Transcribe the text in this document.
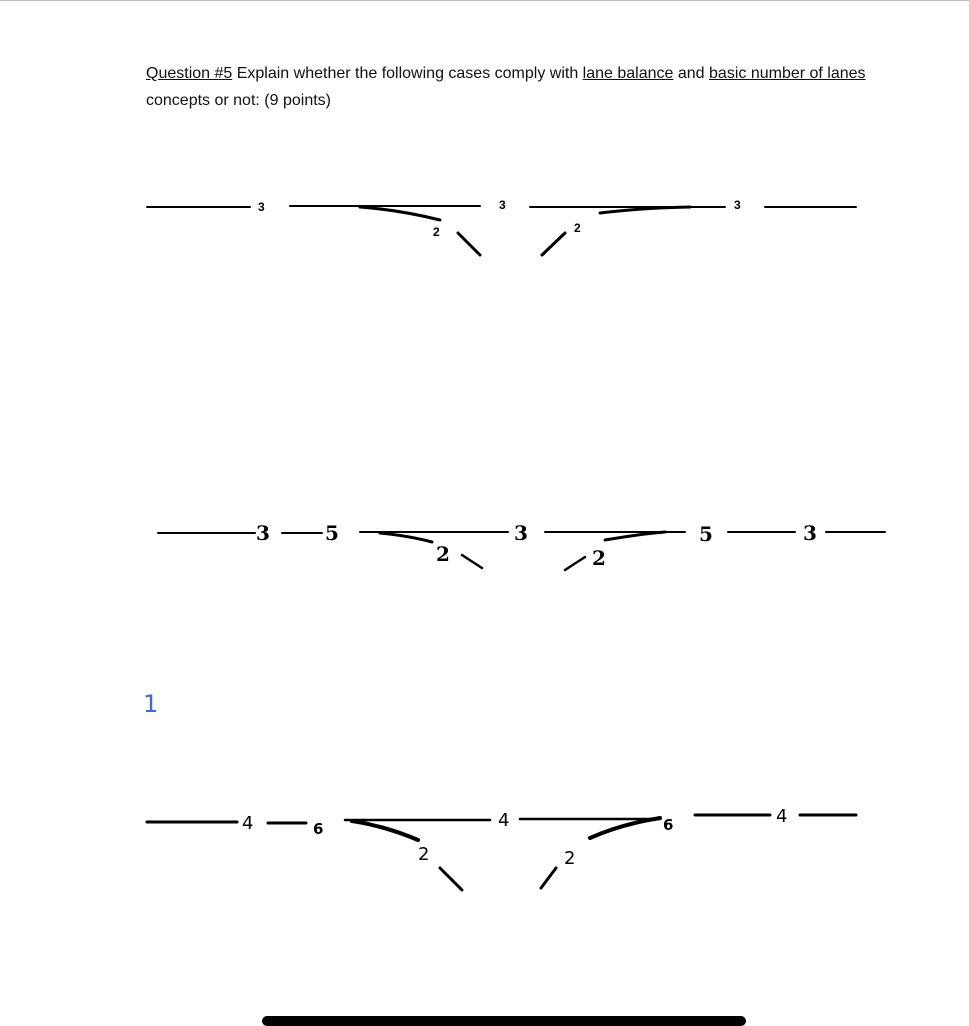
Question #5 Explain whether the following cases comply with lane balance and basic number of lanes concepts or not: (9 points)
3
2
3
2
3
3	5
2
3
2
5	3
4	6
2
4
2
6	4
1
